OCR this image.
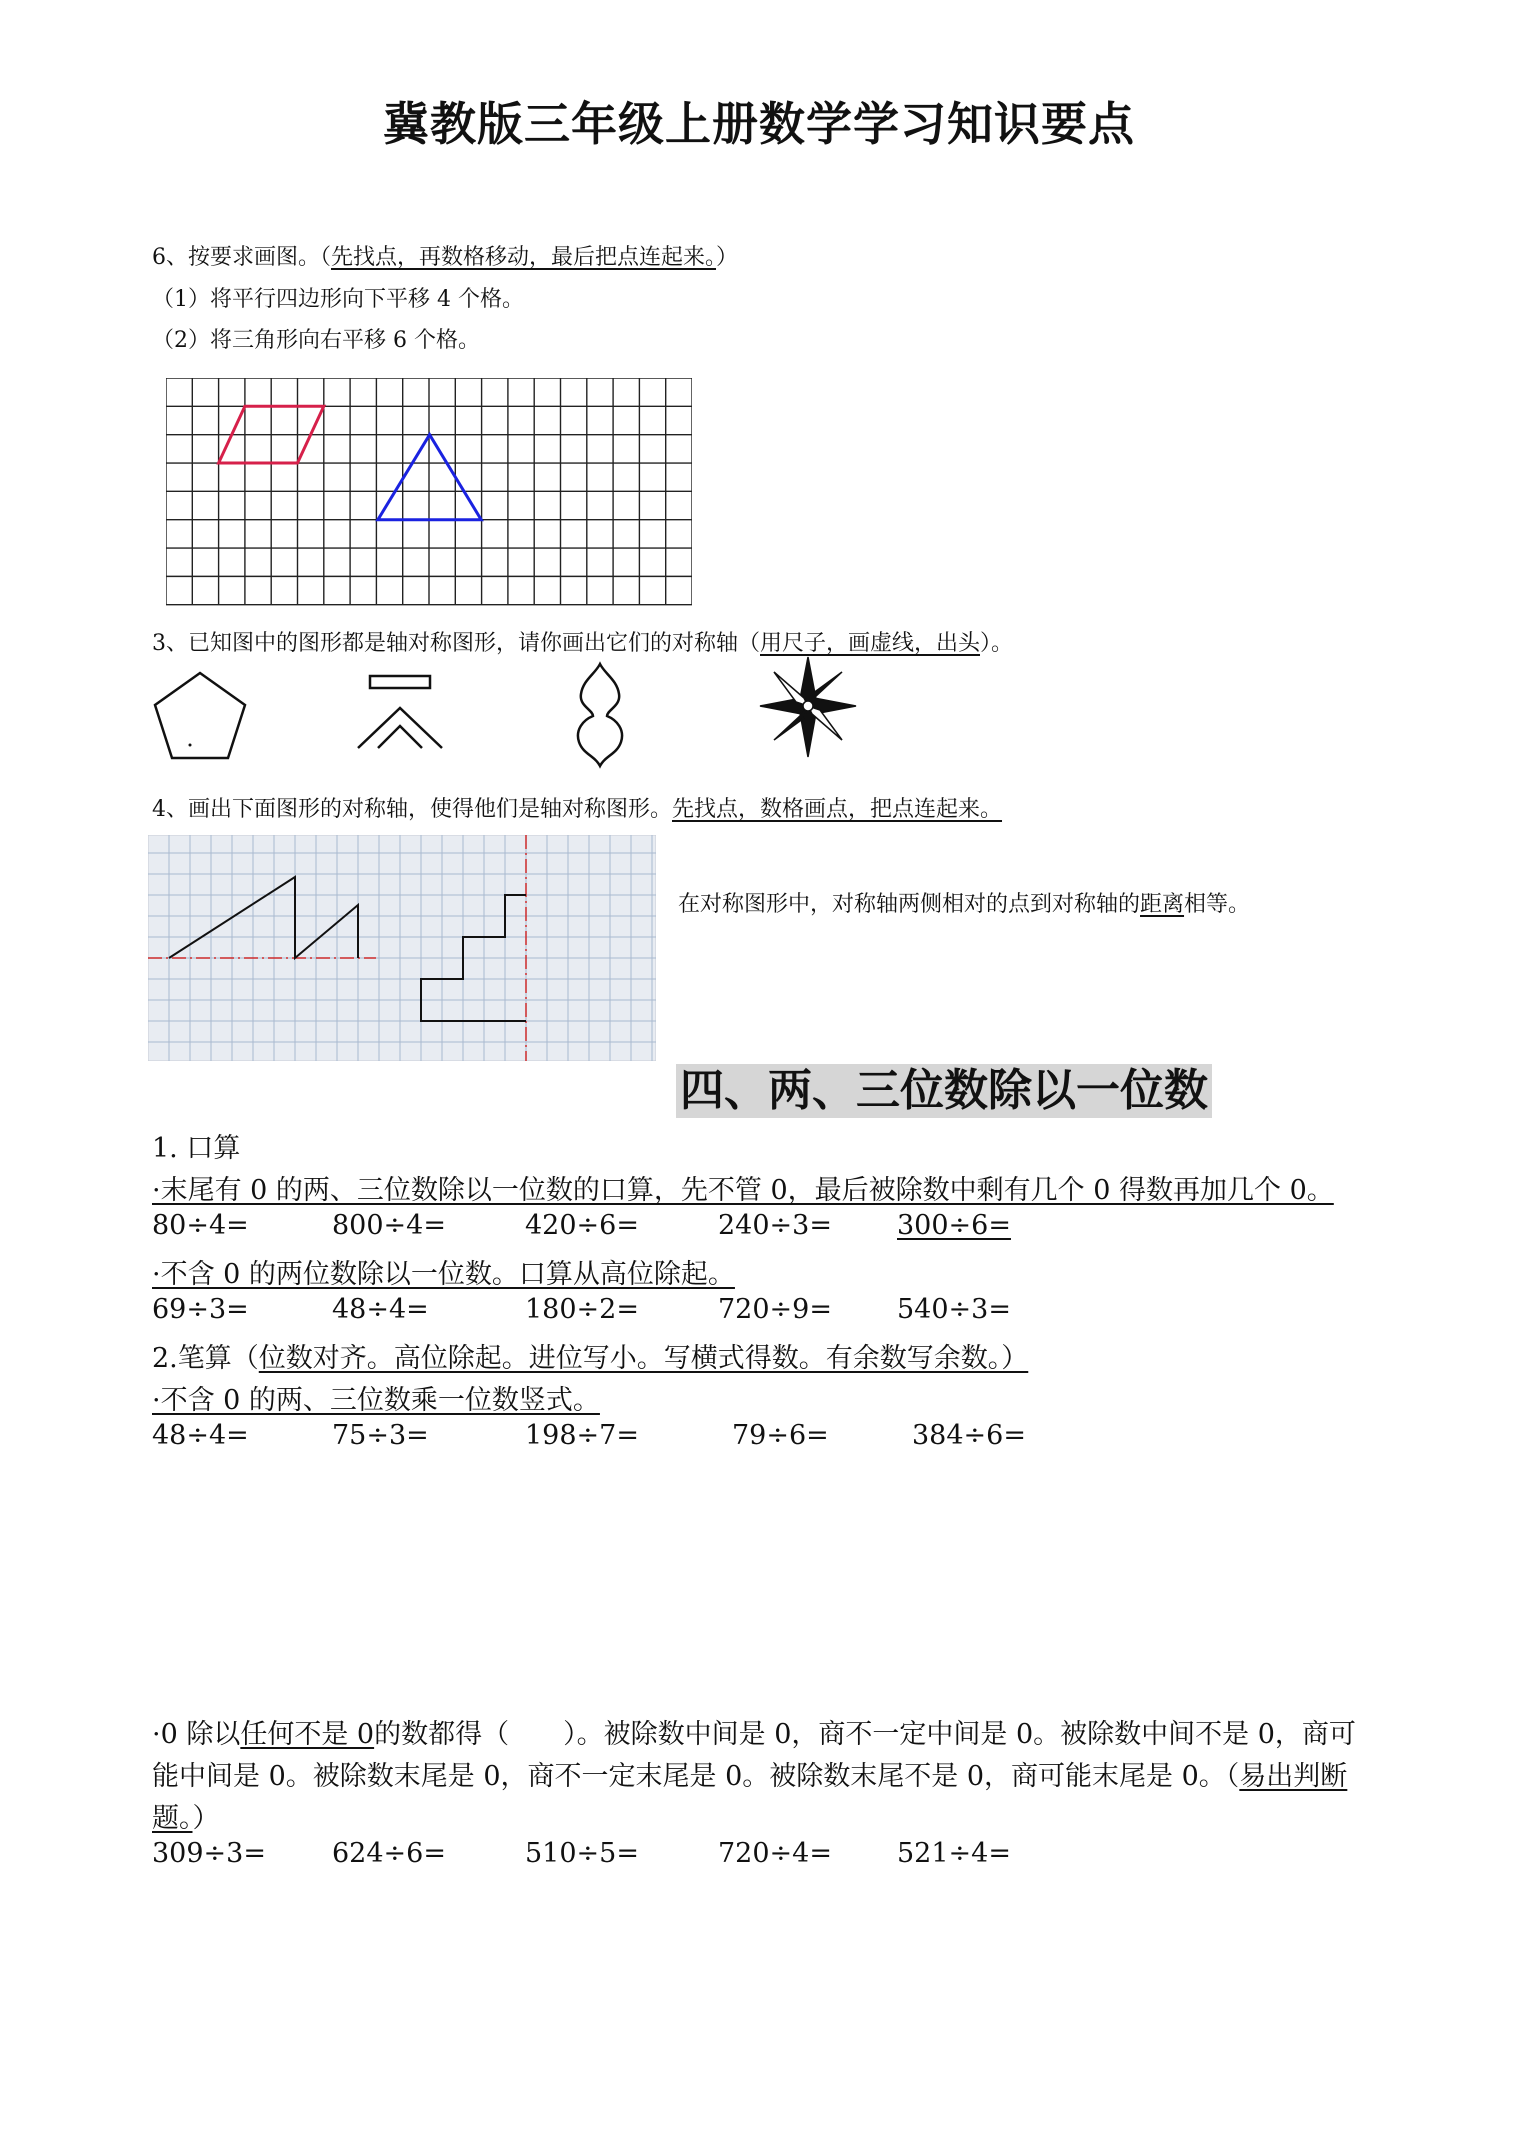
冀教版三年级上册数学学习知识要点
6、按要求画图。（先找点，再数格移动，最后把点连起来。）
（1）将平行四边形向下平移 4 个格。
（2）将三角形向右平移 6 个格。
3、已知图中的图形都是轴对称图形，请你画出它们的对称轴（用尺子，画虚线，出头）。
4、画出下面图形的对称轴，使得他们是轴对称图形。先找点，数格画点，把点连起来。
在对称图形中，对称轴两侧相对的点到对称轴的距离相等。
四、两、三位数除以一位数
1. 口算
·末尾有 0 的两、三位数除以一位数的口算，先不管 0，最后被除数中剩有几个 0 得数再加几个 0。
80÷4=	800÷4=	420÷6=	240÷3= 300÷6=
·不含 0 的两位数除以一位数。口算从高位除起。
69÷3=	48÷4=	180÷2=	720÷9= 540÷3=
2.笔算（位数对齐。高位除起。进位写小。写横式得数。有余数写余数。）
·不含 0 的两、三位数乘一位数竖式。
48÷4=	75÷3=	198÷7=	79÷6=	384÷6=
·0 除以任何不是 0的数都得（　　）。被除数中间是 0，商不一定中间是 0。被除数中间不是 0，商可
能中间是 0。被除数末尾是 0，商不一定末尾是 0。被除数末尾不是 0，商可能末尾是 0。（易出判断
题。）
309÷3= 624÷6=	510÷5=	720÷4= 521÷4=
